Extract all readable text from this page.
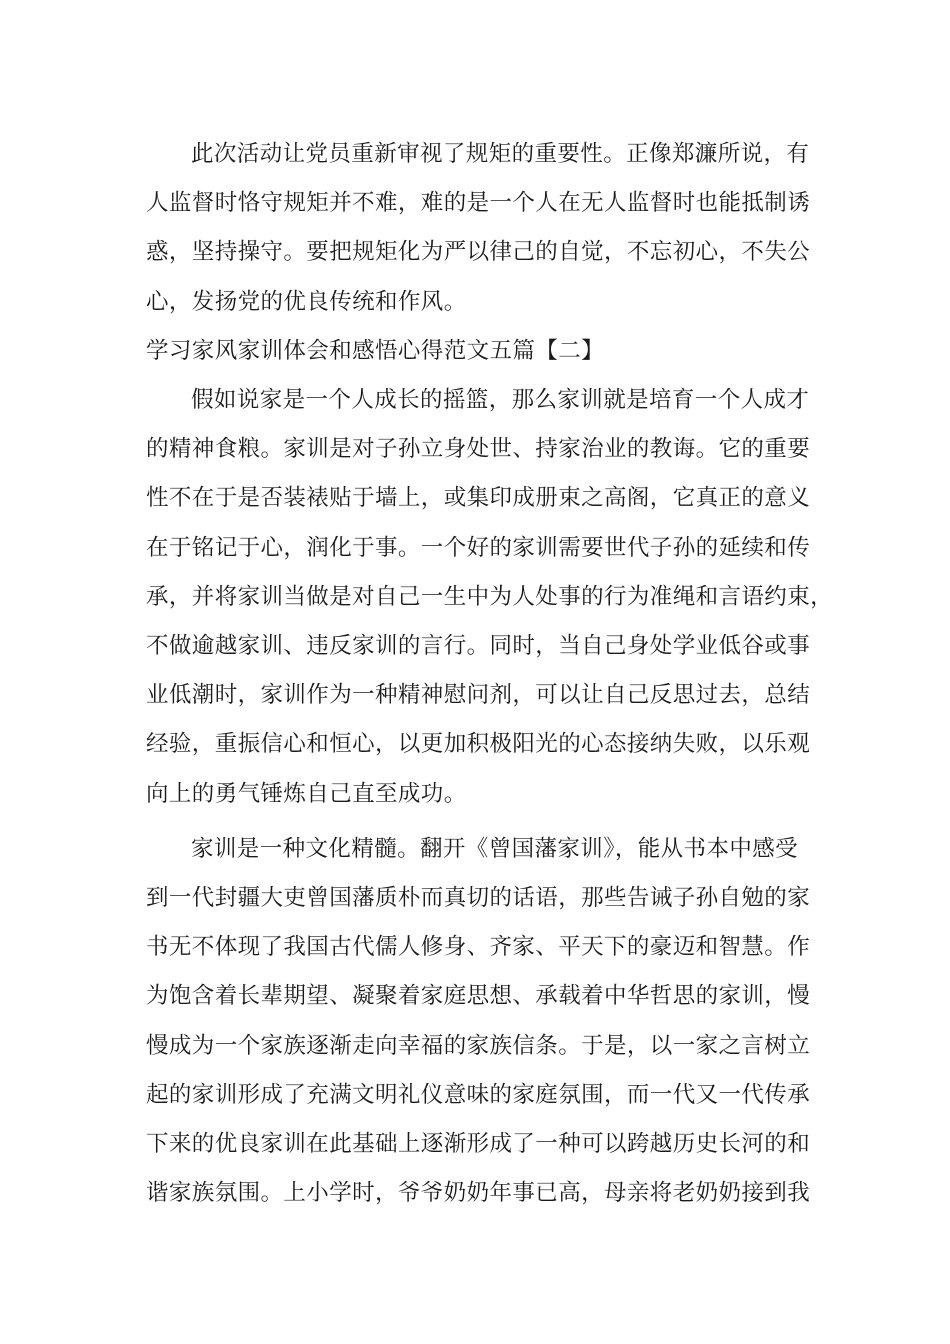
此次活动让党员重新审视了规矩的重要性。正像郑濂所说，有
人监督时恪守规矩并不难，难的是一个人在无人监督时也能抵制诱
惑，坚持操守。要把规矩化为严以律己的自觉，不忘初心，不失公
心，发扬党的优良传统和作风。
学习家风家训体会和感悟心得范文五篇【二】
假如说家是一个人成长的摇篮，那么家训就是培育一个人成才
的精神食粮。家训是对子孙立身处世、持家治业的教诲。它的重要
性不在于是否装裱贴于墙上，或集印成册束之高阁，它真正的意义
在于铭记于心，润化于事。一个好的家训需要世代子孙的延续和传
承，并将家训当做是对自己一生中为人处事的行为准绳和言语约束，
不做逾越家训、违反家训的言行。同时，当自己身处学业低谷或事
业低潮时，家训作为一种精神慰问剂，可以让自己反思过去，总结
经验，重振信心和恒心，以更加积极阳光的心态接纳失败，以乐观
向上的勇气锤炼自己直至成功。
家训是一种文化精髓。翻开《曾国藩家训》，能从书本中感受
到一代封疆大吏曾国藩质朴而真切的话语，那些告诫子孙自勉的家
书无不体现了我国古代儒人修身、齐家、平天下的豪迈和智慧。作
为饱含着长辈期望、凝聚着家庭思想、承载着中华哲思的家训，慢
慢成为一个家族逐渐走向幸福的家族信条。于是，以一家之言树立
起的家训形成了充满文明礼仪意味的家庭氛围，而一代又一代传承
下来的优良家训在此基础上逐渐形成了一种可以跨越历史长河的和
谐家族氛围。上小学时，爷爷奶奶年事已高，母亲将老奶奶接到我
